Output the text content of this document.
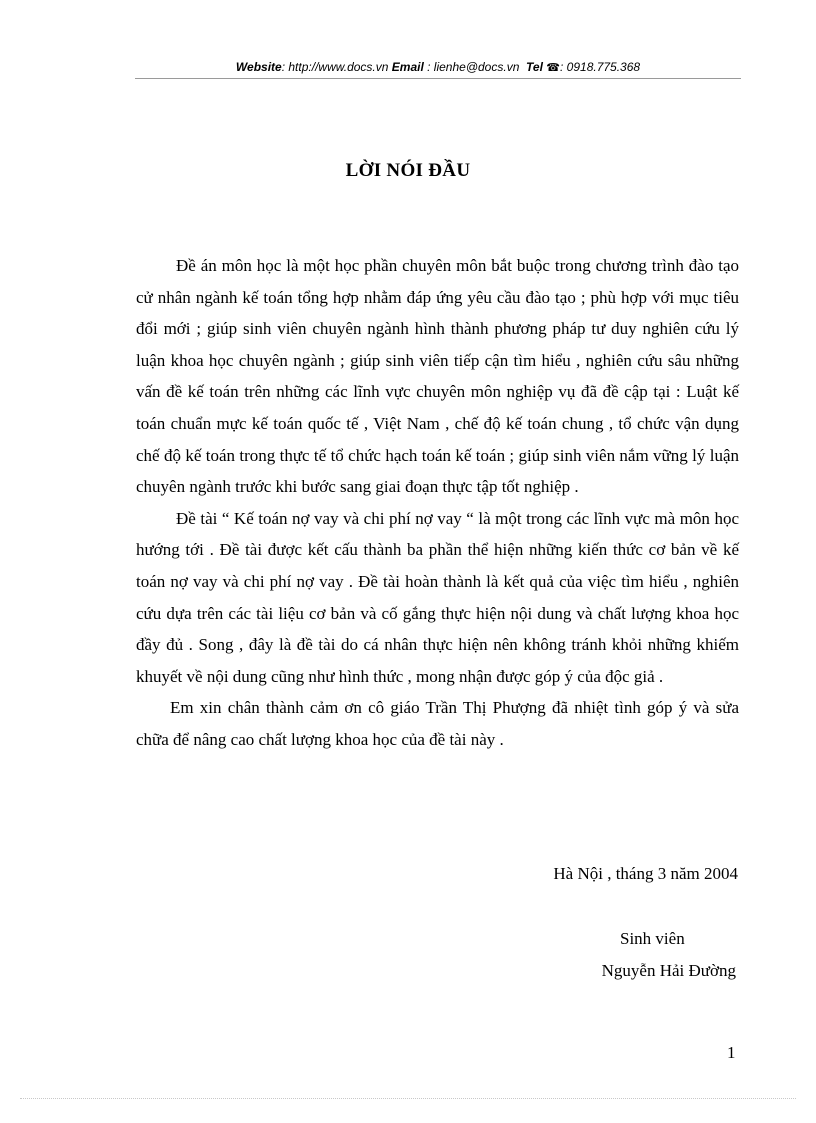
Website: http://www.docs.vn Email : lienhe@docs.vn Tel ☎: 0918.775.368
LỜI NÓI ĐẦU

Đề án môn học là một học phần chuyên môn bắt buộc trong chương trình đào tạo cử nhân ngành kế toán tổng hợp nhằm đáp ứng yêu cầu đào tạo ; phù hợp với mục tiêu đổi mới ; giúp sinh viên chuyên ngành hình thành phương pháp tư duy nghiên cứu lý luận khoa học chuyên ngành ; giúp sinh viên tiếp cận tìm hiểu , nghiên cứu sâu những vấn đề kế toán trên những các lĩnh vực chuyên môn nghiệp vụ đã đề cập tại : Luật kế toán chuẩn mực kế toán quốc tế , Việt Nam , chế độ kế toán chung , tổ chức vận dụng chế độ kế toán trong thực tế tổ chức hạch toán kế toán ; giúp sinh viên nắm vững lý luận chuyên ngành trước khi bước sang giai đoạn thực tập tốt nghiệp .

Đề tài “ Kế toán nợ vay và chi phí nợ vay “ là một trong các lĩnh vực mà môn học hướng tới . Đề tài được kết cấu thành ba phần thể hiện những kiến thức cơ bản về kế toán nợ vay và chi phí nợ vay . Đề tài hoàn thành là kết quả của việc tìm hiểu , nghiên cứu dựa trên các tài liệu cơ bản và cố gắng thực hiện nội dung và chất lượng khoa học đầy đủ . Song , đây là đề tài do cá nhân thực hiện nên không tránh khỏi những khiếm khuyết về nội dung cũng như hình thức , mong nhận được góp ý của độc giả .

Em xin chân thành cảm ơn cô giáo Trần Thị Phượng đã nhiệt tình góp ý và sửa chữa để nâng cao chất lượng khoa học của đề tài này .

Hà Nội , tháng 3 năm 2004
Sinh viên
Nguyễn Hải Đường
1
